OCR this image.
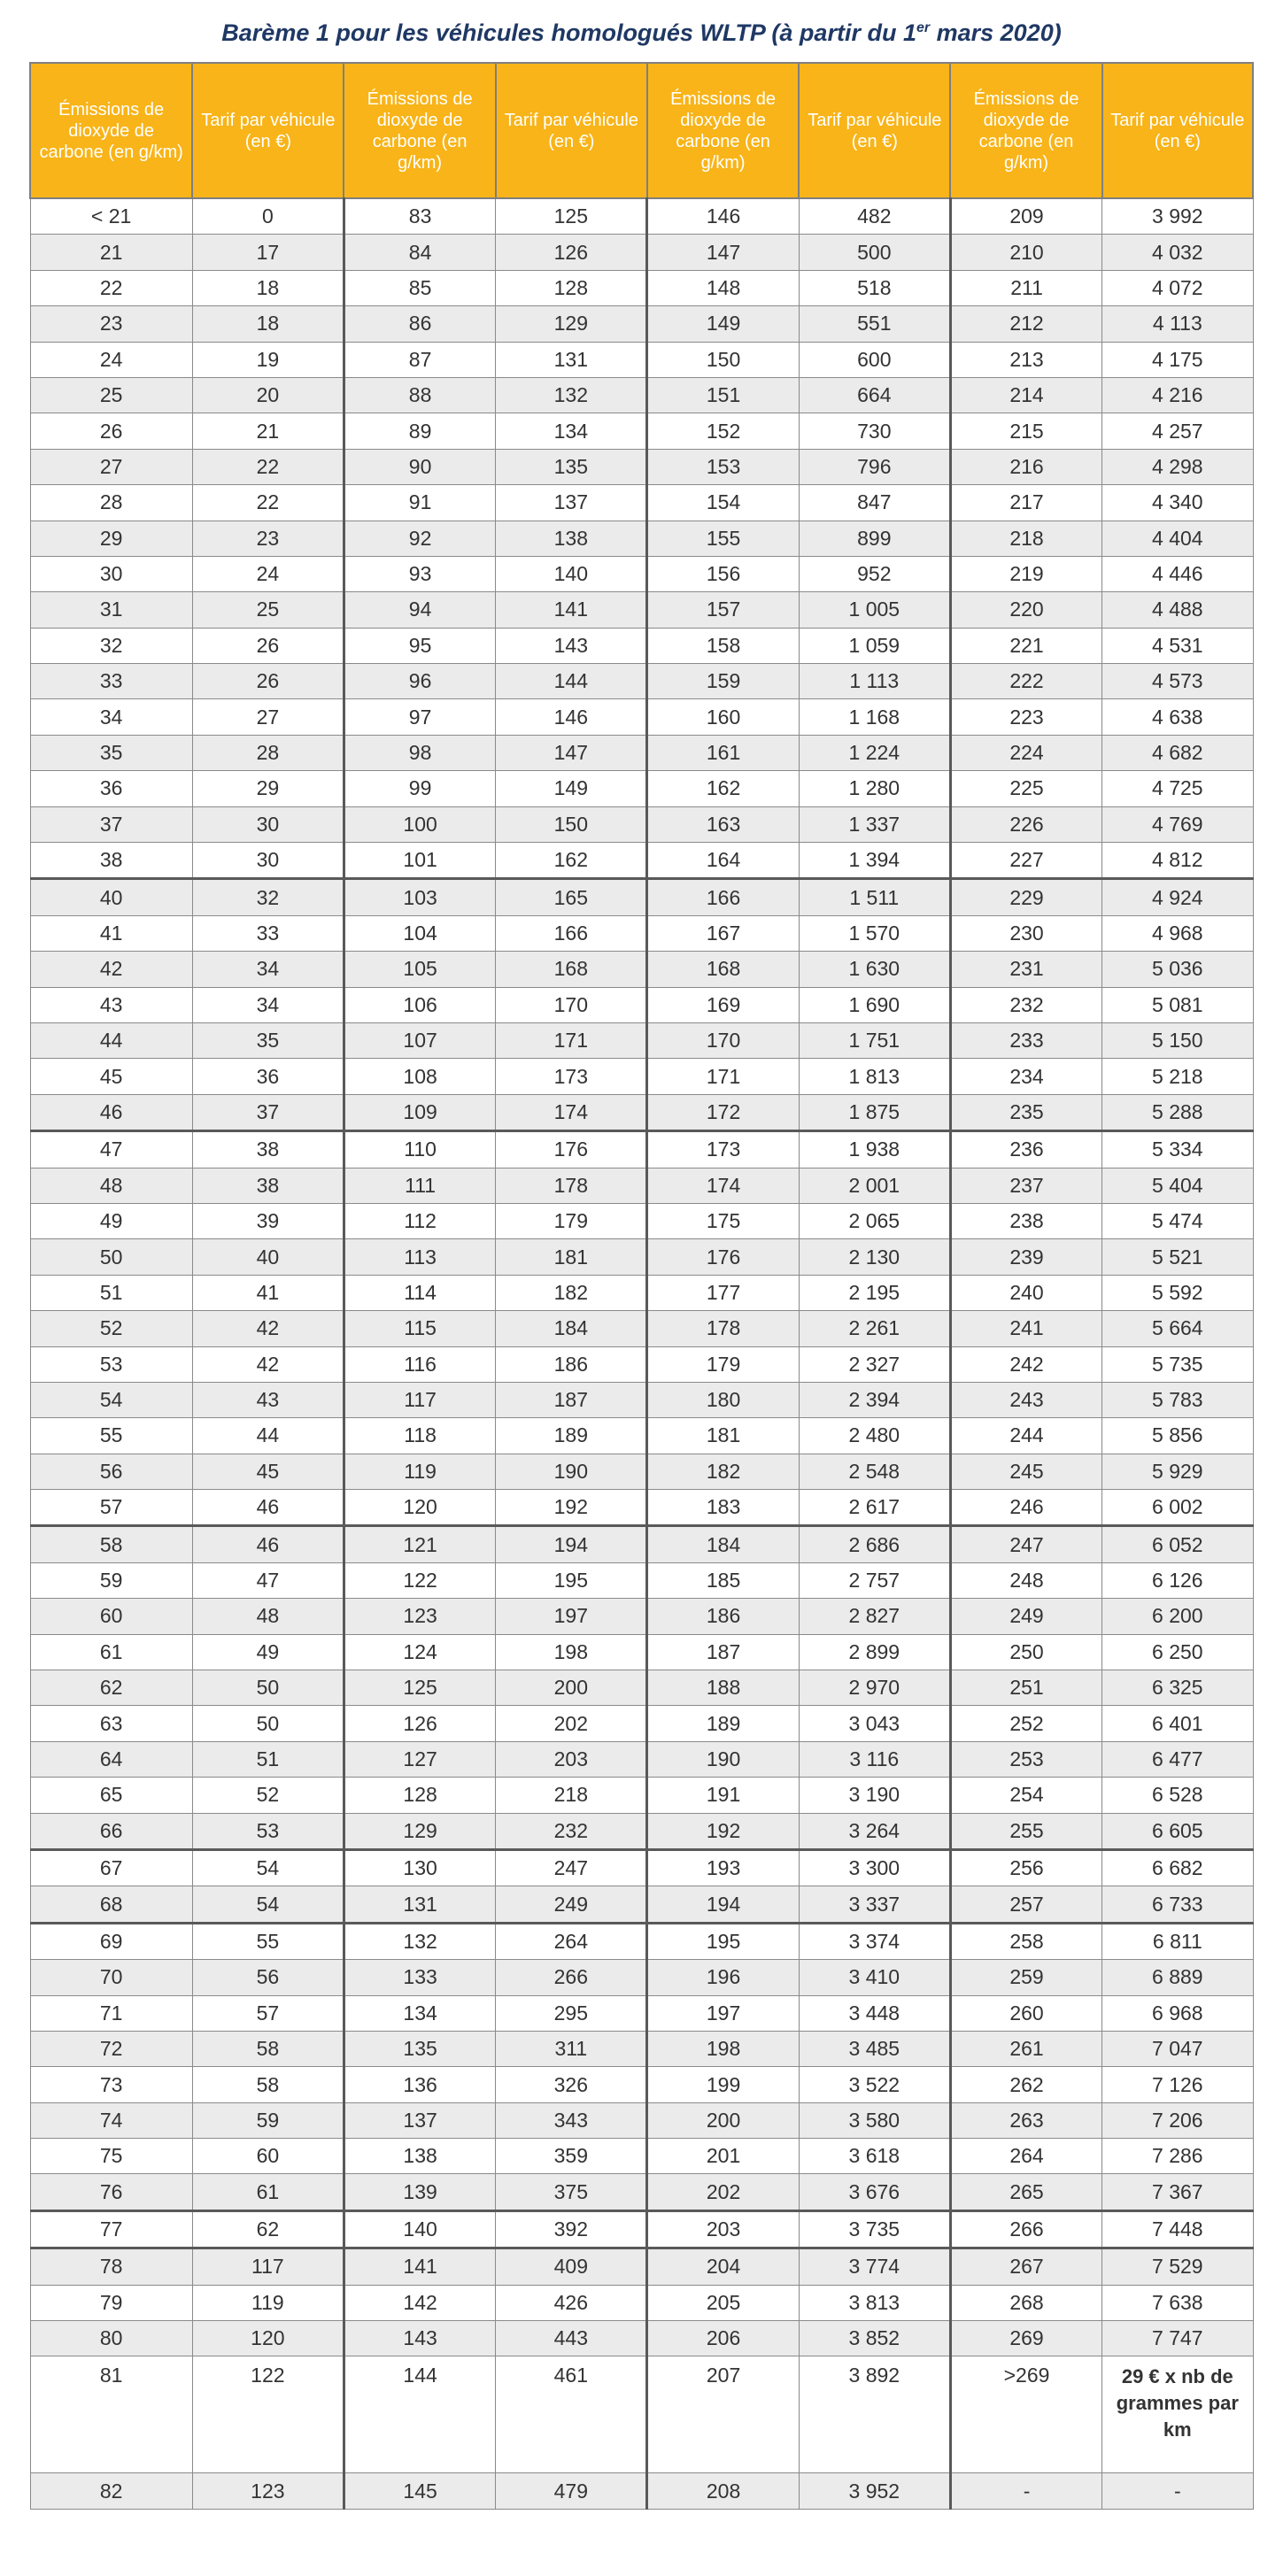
Barème 1 pour les véhicules homologués WLTP (à partir du 1er mars 2020)
Émissions de dioxyde de carbone (en g/km)	Tarif par véhicule (en €)	Émissions de dioxyde de carbone (en g/km)	Tarif par véhicule (en €)	Émissions de dioxyde de carbone (en g/km)	Tarif par véhicule (en €)	Émissions de dioxyde de carbone (en g/km)	Tarif par véhicule (en €)
< 21	0	83	125	146	482	209	3 992
21	17	84	126	147	500	210	4 032
22	18	85	128	148	518	211	4 072
23	18	86	129	149	551	212	4 113
24	19	87	131	150	600	213	4 175
25	20	88	132	151	664	214	4 216
26	21	89	134	152	730	215	4 257
27	22	90	135	153	796	216	4 298
28	22	91	137	154	847	217	4 340
29	23	92	138	155	899	218	4 404
30	24	93	140	156	952	219	4 446
31	25	94	141	157	1 005	220	4 488
32	26	95	143	158	1 059	221	4 531
33	26	96	144	159	1 113	222	4 573
34	27	97	146	160	1 168	223	4 638
35	28	98	147	161	1 224	224	4 682
36	29	99	149	162	1 280	225	4 725
37	30	100	150	163	1 337	226	4 769
38	30	101	162	164	1 394	227	4 812
40	32	103	165	166	1 511	229	4 924
41	33	104	166	167	1 570	230	4 968
42	34	105	168	168	1 630	231	5 036
43	34	106	170	169	1 690	232	5 081
44	35	107	171	170	1 751	233	5 150
45	36	108	173	171	1 813	234	5 218
46	37	109	174	172	1 875	235	5 288
47	38	110	176	173	1 938	236	5 334
48	38	111	178	174	2 001	237	5 404
49	39	112	179	175	2 065	238	5 474
50	40	113	181	176	2 130	239	5 521
51	41	114	182	177	2 195	240	5 592
52	42	115	184	178	2 261	241	5 664
53	42	116	186	179	2 327	242	5 735
54	43	117	187	180	2 394	243	5 783
55	44	118	189	181	2 480	244	5 856
56	45	119	190	182	2 548	245	5 929
57	46	120	192	183	2 617	246	6 002
58	46	121	194	184	2 686	247	6 052
59	47	122	195	185	2 757	248	6 126
60	48	123	197	186	2 827	249	6 200
61	49	124	198	187	2 899	250	6 250
62	50	125	200	188	2 970	251	6 325
63	50	126	202	189	3 043	252	6 401
64	51	127	203	190	3 116	253	6 477
65	52	128	218	191	3 190	254	6 528
66	53	129	232	192	3 264	255	6 605
67	54	130	247	193	3 300	256	6 682
68	54	131	249	194	3 337	257	6 733
69	55	132	264	195	3 374	258	6 811
70	56	133	266	196	3 410	259	6 889
71	57	134	295	197	3 448	260	6 968
72	58	135	311	198	3 485	261	7 047
73	58	136	326	199	3 522	262	7 126
74	59	137	343	200	3 580	263	7 206
75	60	138	359	201	3 618	264	7 286
76	61	139	375	202	3 676	265	7 367
77	62	140	392	203	3 735	266	7 448
78	117	141	409	204	3 774	267	7 529
79	119	142	426	205	3 813	268	7 638
80	120	143	443	206	3 852	269	7 747
81	122	144	461	207	3 892	>269	29 € x nb de grammes par km
82	123	145	479	208	3 952	-	-
